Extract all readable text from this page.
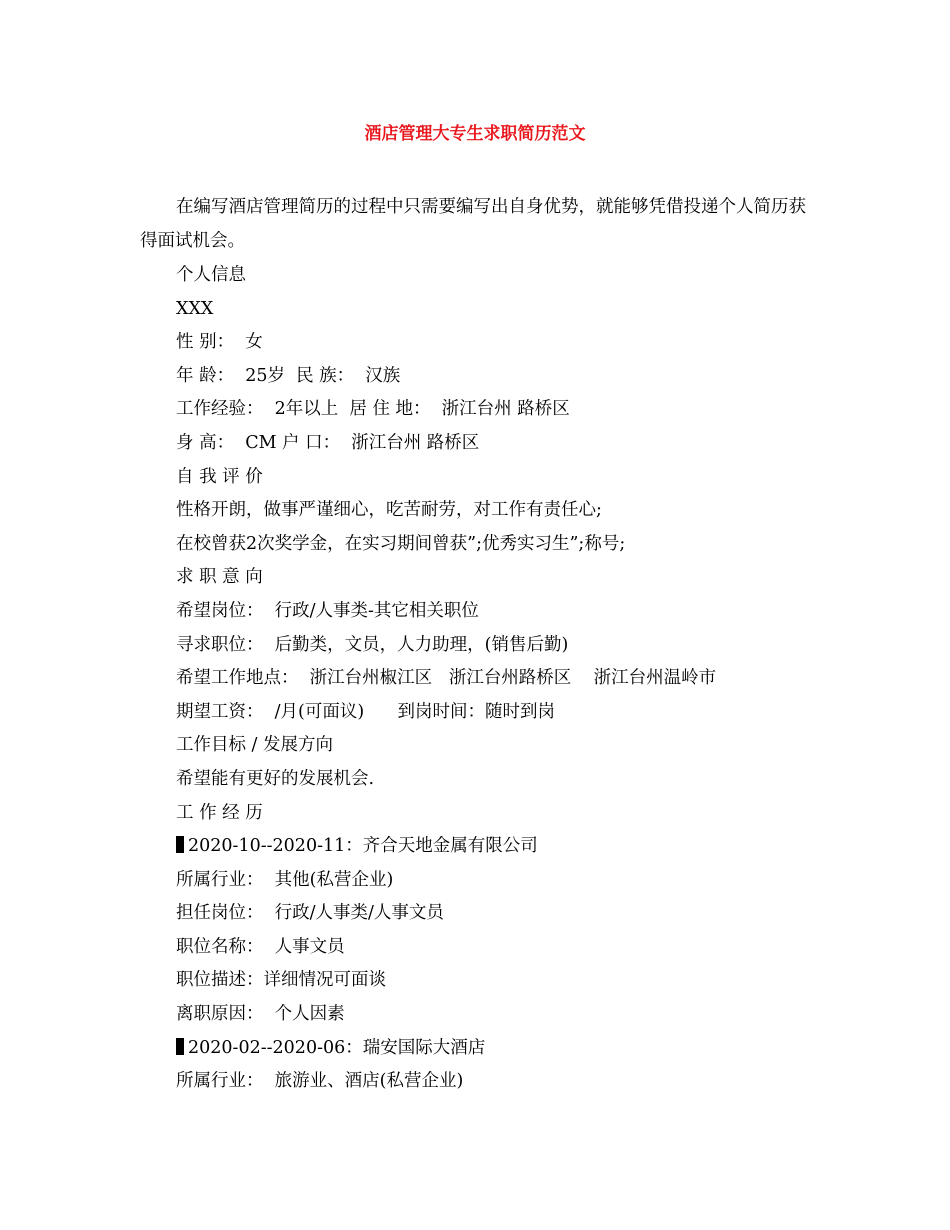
酒店管理大专生求职简历范文

在编写酒店管理简历的过程中只需要编写出自身优势，就能够凭借投递个人简历获得面试机会。

个人信息
XXX
性 别：  女
年 龄：  25岁  民 族：  汉族
工作经验：  2年以上  居 住 地：  浙江台州 路桥区
身 高：  CM 户 口：  浙江台州 路桥区
自 我 评 价
性格开朗，做事严谨细心，吃苦耐劳，对工作有责任心;
在校曾获2次奖学金，在实习期间曾获”;优秀实习生”;称号;
求 职 意 向
希望岗位：  行政/人事类-其它相关职位
寻求职位：  后勤类，文员，人力助理，(销售后勤)
希望工作地点：  浙江台州椒江区   浙江台州路桥区    浙江台州温岭市
期望工资：  /月(可面议)      到岗时间：随时到岗
工作目标 / 发展方向
希望能有更好的发展机会.
工 作 经 历
2020-10--2020-11：齐合天地金属有限公司
所属行业：  其他(私营企业)
担任岗位：  行政/人事类/人事文员
职位名称：  人事文员
职位描述：详细情况可面谈
离职原因：  个人因素
2020-02--2020-06：瑞安国际大酒店
所属行业：  旅游业、酒店(私营企业)
